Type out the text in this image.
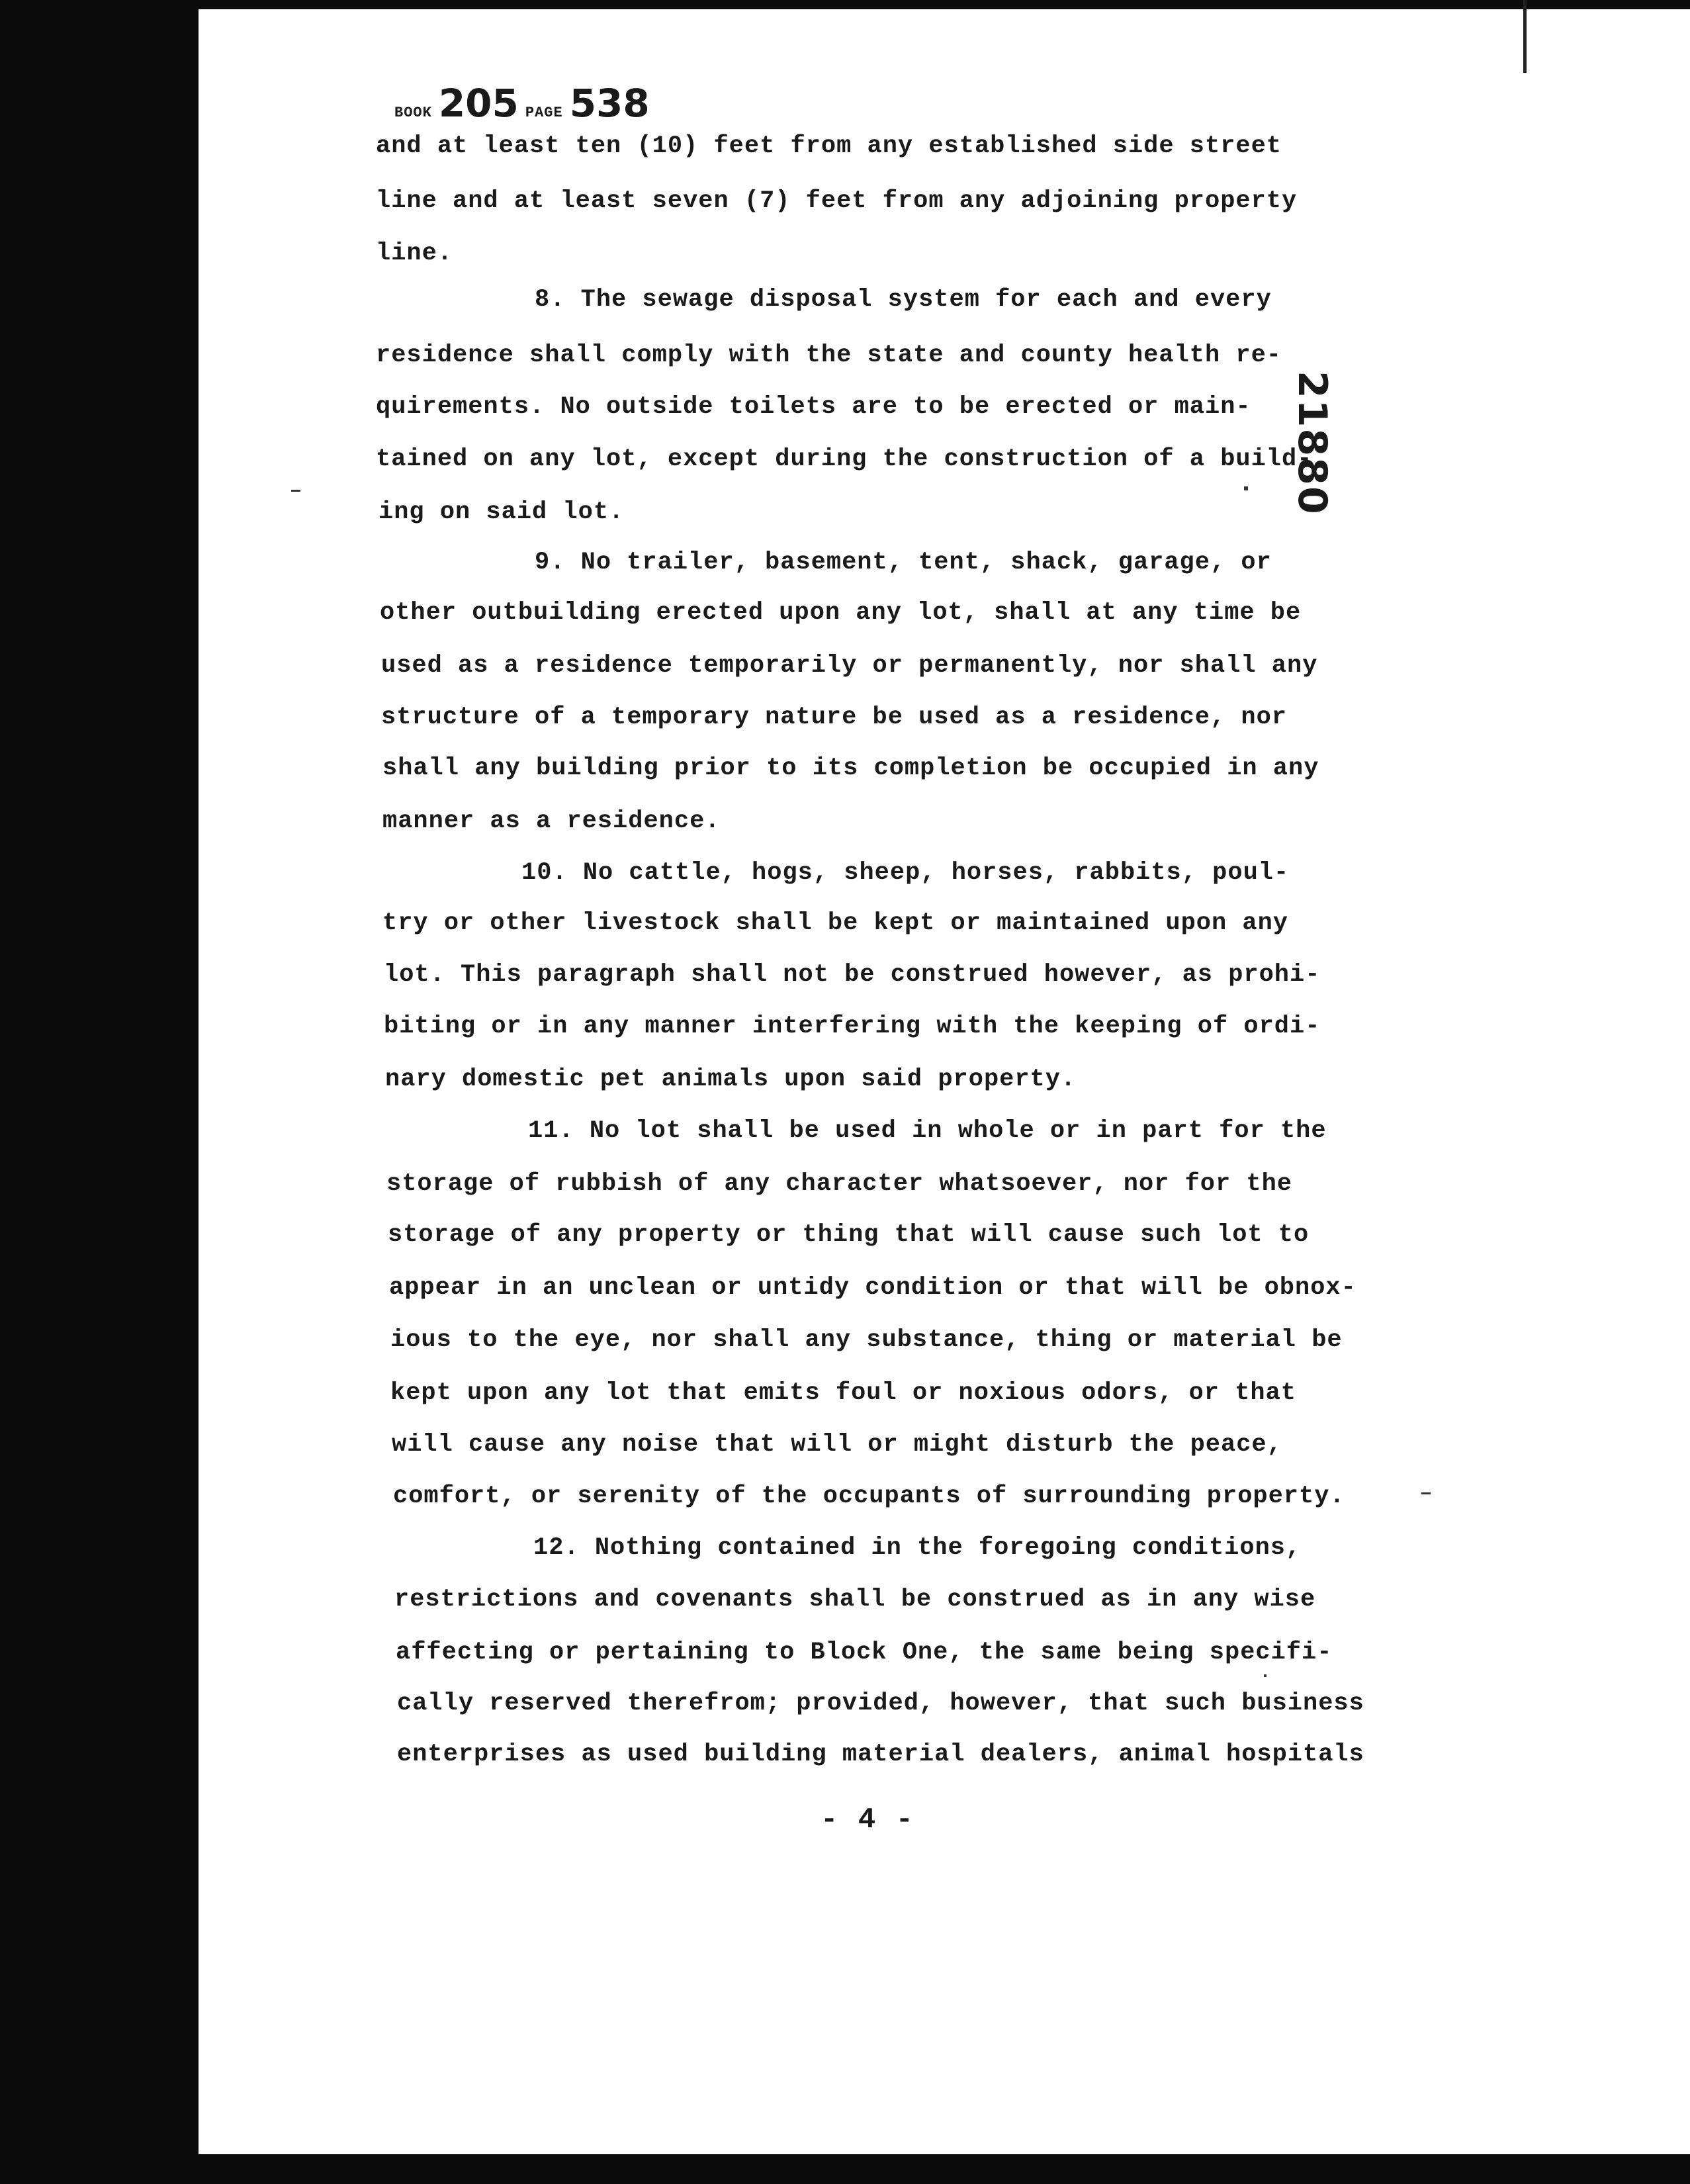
BOOK 205 PAGE 538
21880
and at least ten (10) feet from any established side street
line and at least seven (7) feet from any adjoining property
line.
8. The sewage disposal system for each and every
residence shall comply with the state and county health re-
quirements. No outside toilets are to be erected or main-
tained on any lot, except during the construction of a build-
ing on said lot.
9. No trailer, basement, tent, shack, garage, or
other outbuilding erected upon any lot, shall at any time be
used as a residence temporarily or permanently, nor shall any
structure of a temporary nature be used as a residence, nor
shall any building prior to its completion be occupied in any
manner as a residence.
10. No cattle, hogs, sheep, horses, rabbits, poul-
try or other livestock shall be kept or maintained upon any
lot. This paragraph shall not be construed however, as prohi-
biting or in any manner interfering with the keeping of ordi-
nary domestic pet animals upon said property.
11. No lot shall be used in whole or in part for the
storage of rubbish of any character whatsoever, nor for the
storage of any property or thing that will cause such lot to
appear in an unclean or untidy condition or that will be obnox-
ious to the eye, nor shall any substance, thing or material be
kept upon any lot that emits foul or noxious odors, or that
will cause any noise that will or might disturb the peace,
comfort, or serenity of the occupants of surrounding property.
12. Nothing contained in the foregoing conditions,
restrictions and covenants shall be construed as in any wise
affecting or pertaining to Block One, the same being specifi-
cally reserved therefrom; provided, however, that such business
enterprises as used building material dealers, animal hospitals
- 4 -
